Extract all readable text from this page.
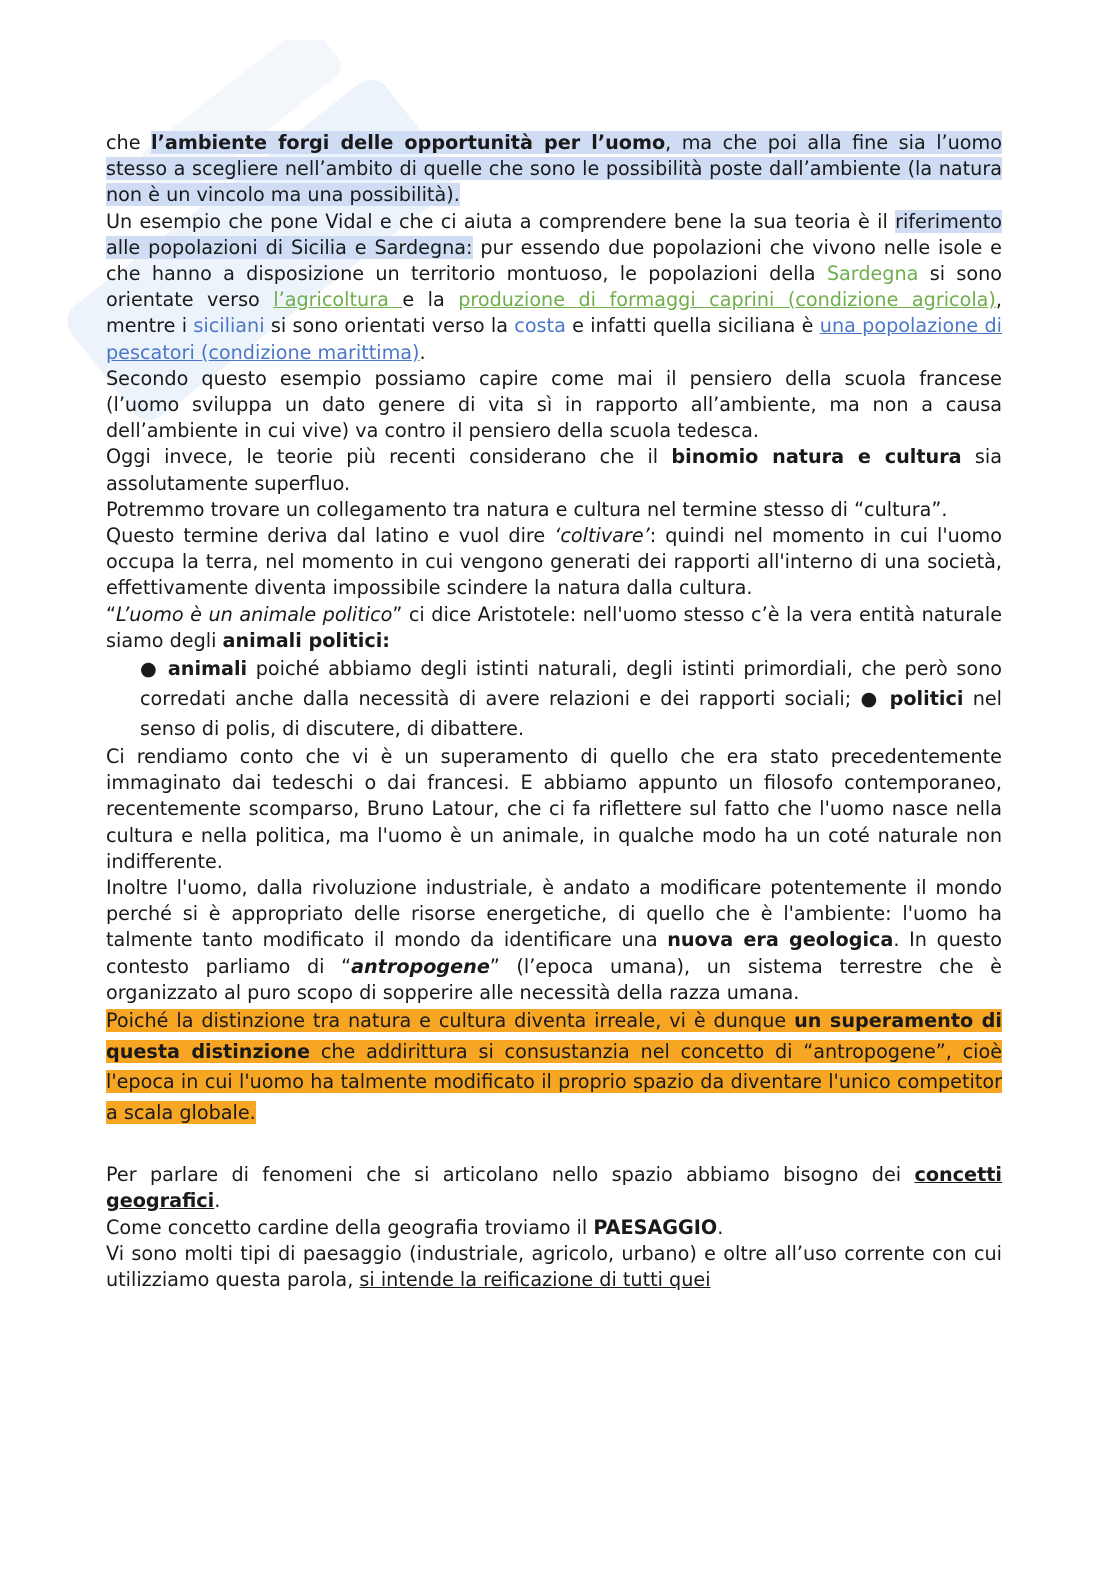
che l’ambiente forgi delle opportunità per l’uomo, ma che poi alla fine sia l’uomo stesso a scegliere nell’ambito di quelle che sono le possibilità poste dall’ambiente (la natura non è un vincolo ma una possibilità).

Un esempio che pone Vidal e che ci aiuta a comprendere bene la sua teoria è il riferimento alle popolazioni di Sicilia e Sardegna: pur essendo due popolazioni che vivono nelle isole e che hanno a disposizione un territorio montuoso, le popolazioni della Sardegna si sono orientate verso l’agricoltura e la produzione di formaggi caprini (condizione agricola), mentre i siciliani si sono orientati verso la costa e infatti quella siciliana è una popolazione di pescatori (condizione marittima).

Secondo questo esempio possiamo capire come mai il pensiero della scuola francese (l’uomo sviluppa un dato genere di vita sì in rapporto all’ambiente, ma non a causa dell’ambiente in cui vive) va contro il pensiero della scuola tedesca.

Oggi invece, le teorie più recenti considerano che il binomio natura e cultura sia assolutamente superfluo.

Potremmo trovare un collegamento tra natura e cultura nel termine stesso di “cultura”.

Questo termine deriva dal latino e vuol dire ‘coltivare’: quindi nel momento in cui l'uomo occupa la terra, nel momento in cui vengono generati dei rapporti all'interno di una società, effettivamente diventa impossibile scindere la natura dalla cultura.

“L’uomo è un animale politico” ci dice Aristotele: nell'uomo stesso c’è la vera entità naturale siamo degli animali politici:

● animali poiché abbiamo degli istinti naturali, degli istinti primordiali, che però sono corredati anche dalla necessità di avere relazioni e dei rapporti sociali; ● politici nel senso di polis, di discutere, di dibattere.

Ci rendiamo conto che vi è un superamento di quello che era stato precedentemente immaginato dai tedeschi o dai francesi. E abbiamo appunto un filosofo contemporaneo, recentemente scomparso, Bruno Latour, che ci fa riflettere sul fatto che l'uomo nasce nella cultura e nella politica, ma l'uomo è un animale, in qualche modo ha un coté naturale non indifferente.

Inoltre l'uomo, dalla rivoluzione industriale, è andato a modificare potentemente il mondo perché si è appropriato delle risorse energetiche, di quello che è l'ambiente: l'uomo ha talmente tanto modificato il mondo da identificare una nuova era geologica. In questo contesto parliamo di “antropogene” (l’epoca umana), un sistema terrestre che è organizzato al puro scopo di sopperire alle necessità della razza umana.

Poiché la distinzione tra natura e cultura diventa irreale, vi è dunque un superamento di questa distinzione che addirittura si consustanzia nel concetto di “antropogene”, cioè l'epoca in cui l'uomo ha talmente modificato il proprio spazio da diventare l'unico competitor a scala globale.

Per parlare di fenomeni che si articolano nello spazio abbiamo bisogno dei concetti geografici.

Come concetto cardine della geografia troviamo il PAESAGGIO.

Vi sono molti tipi di paesaggio (industriale, agricolo, urbano) e oltre all’uso corrente con cui utilizziamo questa parola, si intende la reificazione di tutti quei
